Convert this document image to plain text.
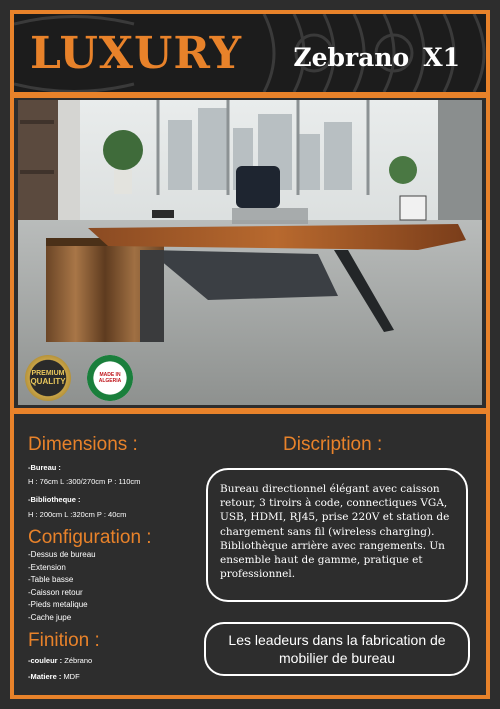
LUXURY	Zebrano X1
PREMIUM
QUALITY
MADE IN
ALGERIA
Dimensions :
-Bureau :
H : 76cm L :300/270cm P : 110cm
-Bibliotheque :
H : 200cm L :320cm P : 40cm
Configuration :
-Dessus de bureau
-Extension
-Table basse
-Caisson retour
-Pieds metalique
-Cache jupe
Finition :
-couleur : Zébrano
-Matiere : MDF
Discription :
Bureau directionnel élégant avec caisson retour, 3 tiroirs à code, connectiques VGA, USB, HDMI, RJ45, prise 220V et station de chargement sans fil (wireless charging). Bibliothèque arrière avec rangements. Un ensemble haut de gamme, pratique et professionnel.
Les leadeurs dans la fabrication de mobilier de bureau
